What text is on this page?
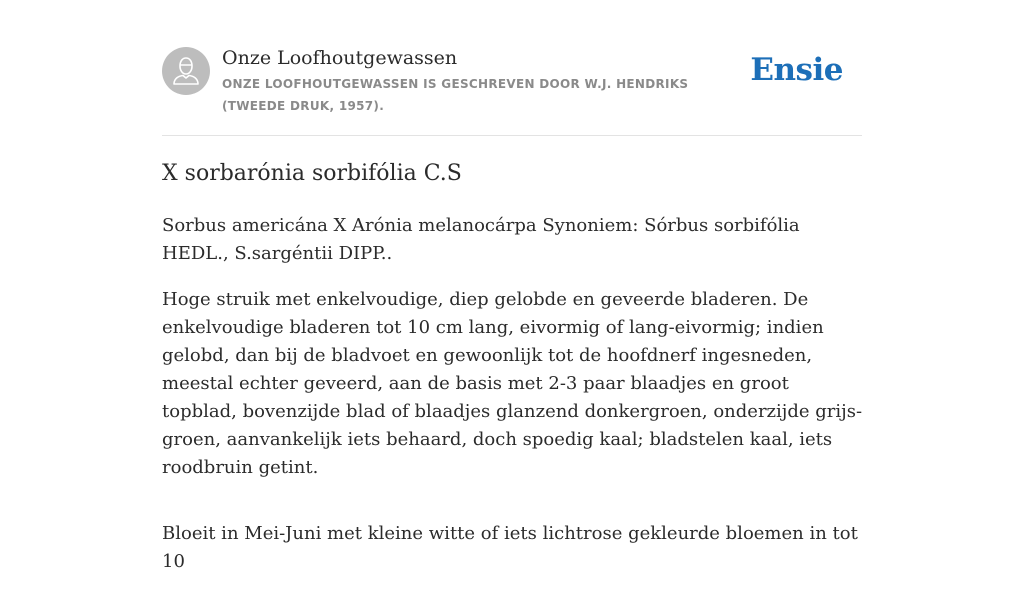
Onze Loofhoutgewassen
ONZE LOOFHOUTGEWASSEN IS GESCHREVEN DOOR W.J. HENDRIKS (TWEEDE DRUK, 1957).
Ensie
X sorbarónia sorbifólia C.S

Sorbus americána X Arónia melanocárpa Synoniem: Sórbus sorbifólia HEDL., S.sargéntii DIPP..

Hoge struik met enkelvoudige, diep gelobde en geveerde bladeren. De enkelvoudige bladeren tot 10 cm lang, eivormig of lang-eivormig; indien gelobd, dan bij de bladvoet en gewoonlijk tot de hoofdnerf ingesneden, meestal echter geveerd, aan de basis met 2-3 paar blaadjes en groot topblad, bovenzijde blad of blaadjes glanzend donkergroen, onderzijde grijs-groen, aanvankelijk iets behaard, doch spoedig kaal; bladstelen kaal, iets roodbruin getint.

Bloeit in Mei-Juni met kleine witte of iets lichtrose gekleurde bloemen in tot 10
